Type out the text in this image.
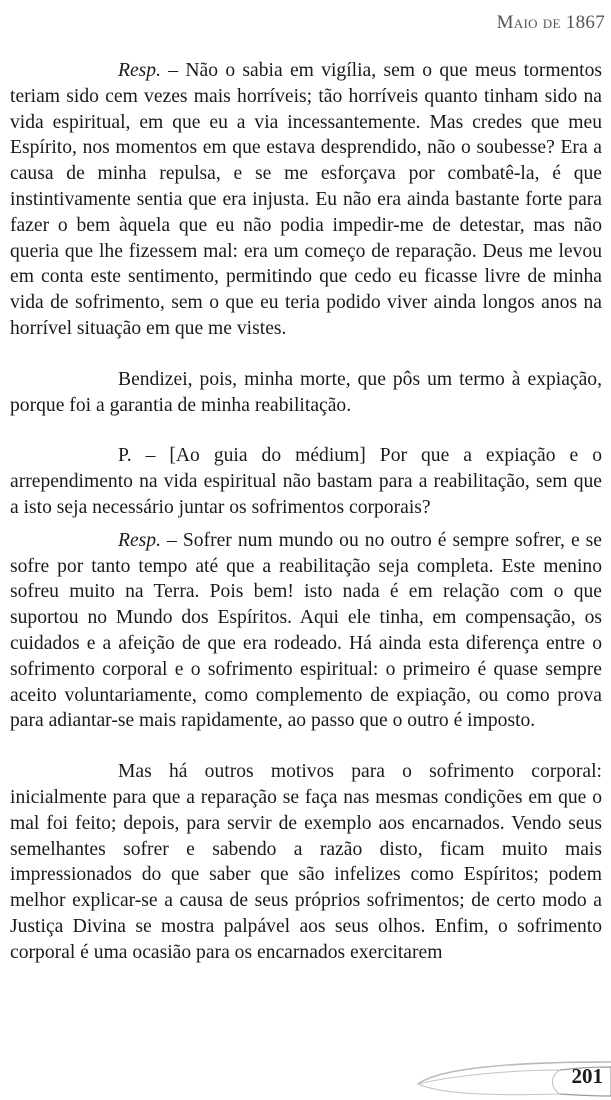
Maio de 1867

Resp. – Não o sabia em vigília, sem o que meus tormentos teriam sido cem vezes mais horríveis; tão horríveis quanto tinham sido na vida espiritual, em que eu a via incessantemente. Mas credes que meu Espírito, nos momentos em que estava desprendido, não o soubesse? Era a causa de minha repulsa, e se me esforçava por combatê-la, é que instintivamente sentia que era injusta. Eu não era ainda bastante forte para fazer o bem àquela que eu não podia impedir-me de detestar, mas não queria que lhe fizessem mal: era um começo de reparação. Deus me levou em conta este sentimento, permitindo que cedo eu ficasse livre de minha vida de sofrimento, sem o que eu teria podido viver ainda longos anos na horrível situação em que me vistes.

Bendizei, pois, minha morte, que pôs um termo à expiação, porque foi a garantia de minha reabilitação.

P. – [Ao guia do médium] Por que a expiação e o arrependimento na vida espiritual não bastam para a reabilitação, sem que a isto seja necessário juntar os sofrimentos corporais?

Resp. – Sofrer num mundo ou no outro é sempre sofrer, e se sofre por tanto tempo até que a reabilitação seja completa. Este menino sofreu muito na Terra. Pois bem! isto nada é em relação com o que suportou no Mundo dos Espíritos. Aqui ele tinha, em compensação, os cuidados e a afeição de que era rodeado. Há ainda esta diferença entre o sofrimento corporal e o sofrimento espiritual: o primeiro é quase sempre aceito voluntariamente, como complemento de expiação, ou como prova para adiantar-se mais rapidamente, ao passo que o outro é imposto.

Mas há outros motivos para o sofrimento corporal: inicialmente para que a reparação se faça nas mesmas condições em que o mal foi feito; depois, para servir de exemplo aos encarnados. Vendo seus semelhantes sofrer e sabendo a razão disto, ficam muito mais impressionados do que saber que são infelizes como Espíritos; podem melhor explicar-se a causa de seus próprios sofrimentos; de certo modo a Justiça Divina se mostra palpável aos seus olhos. Enfim, o sofrimento corporal é uma ocasião para os encarnados exercitarem

201
